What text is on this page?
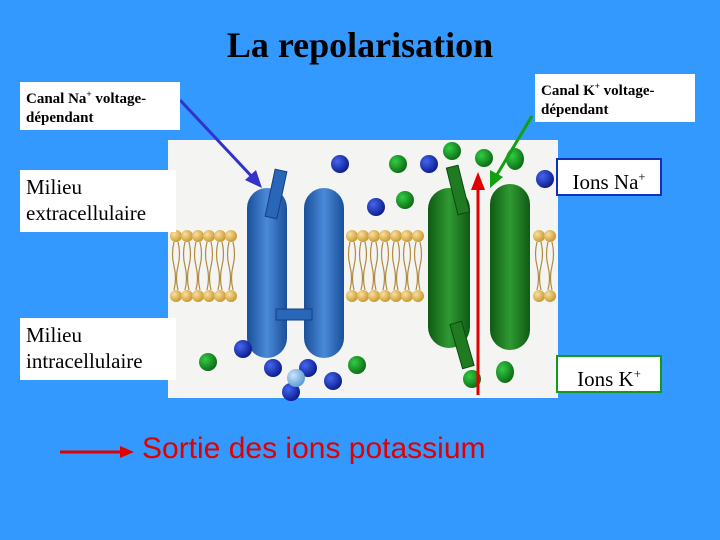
La repolarisation
Canal Na+ voltage-
dépendant
Canal K+ voltage-
dépendant
Milieu
extracellulaire
Milieu
intracellulaire
Ions Na+
Ions K+
Sortie des ions potassium
